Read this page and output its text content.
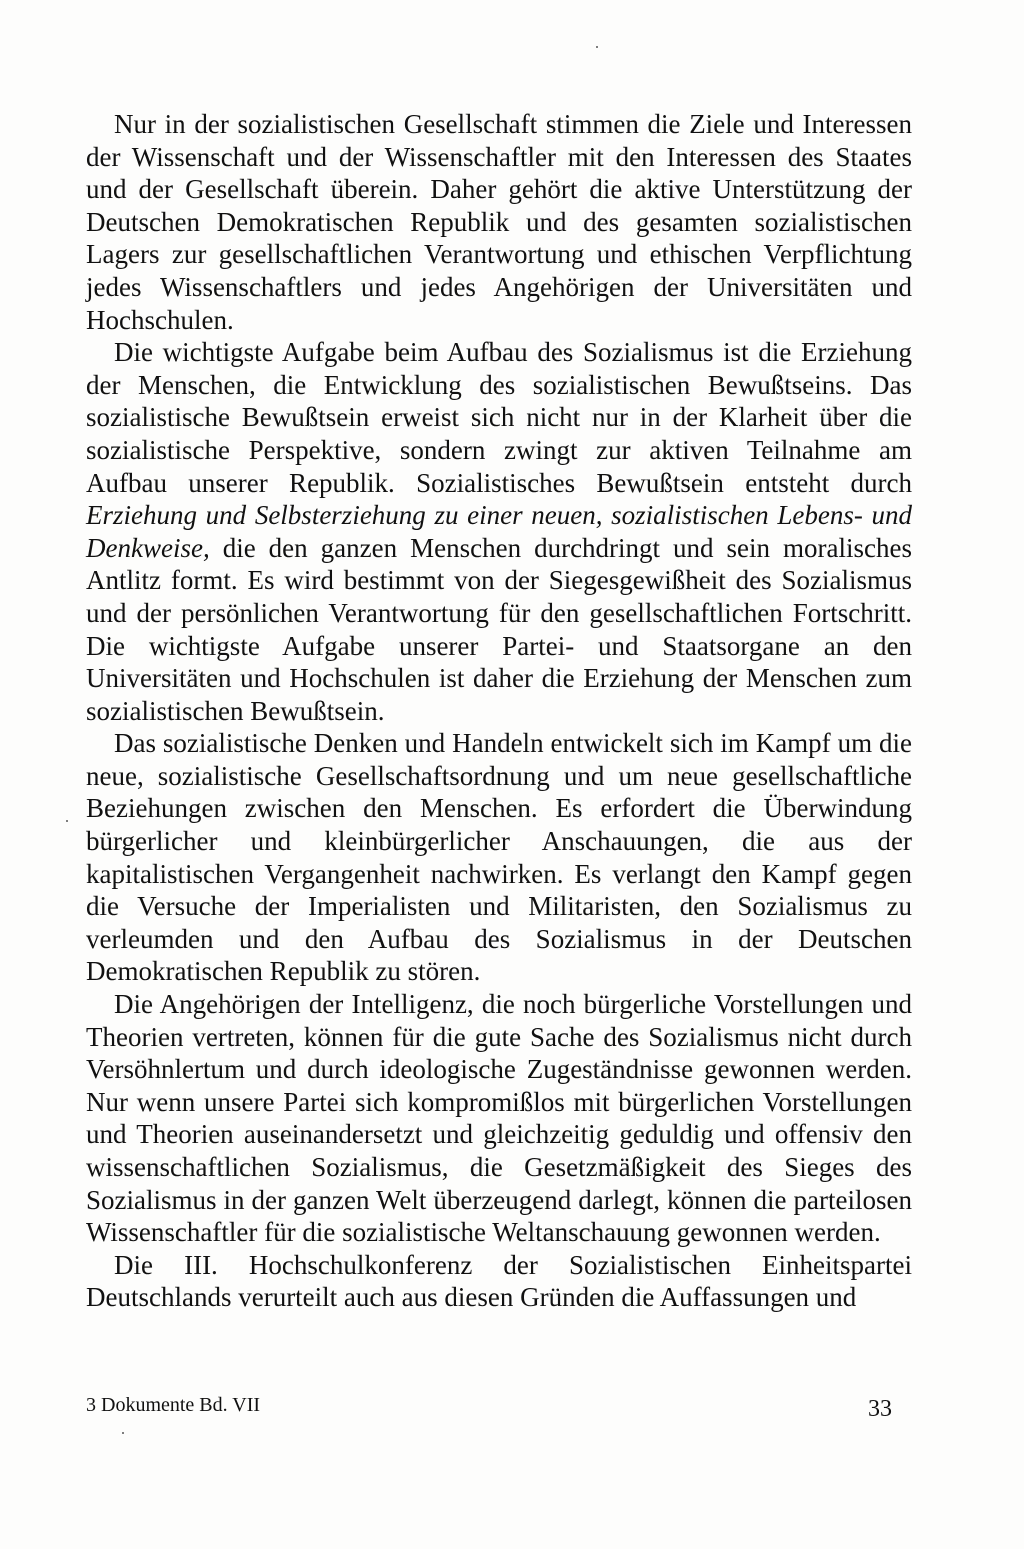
Nur in der sozialistischen Gesellschaft stimmen die Ziele und Interessen der Wissenschaft und der Wissenschaftler mit den Interessen des Staates und der Gesellschaft überein. Daher gehört die aktive Unterstützung der Deutschen Demokratischen Republik und des gesamten sozialistischen Lagers zur gesellschaftlichen Verantwortung und ethischen Verpflichtung jedes Wissenschaftlers und jedes Angehörigen der Universitäten und Hochschulen.

Die wichtigste Aufgabe beim Aufbau des Sozialismus ist die Erziehung der Menschen, die Entwicklung des sozialistischen Bewußtseins. Das sozialistische Bewußtsein erweist sich nicht nur in der Klarheit über die sozialistische Perspektive, sondern zwingt zur aktiven Teilnahme am Aufbau unserer Republik. Sozialistisches Bewußtsein entsteht durch Erziehung und Selbsterziehung zu einer neuen, sozialistischen Lebens- und Denkweise, die den ganzen Menschen durchdringt und sein moralisches Antlitz formt. Es wird bestimmt von der Siegesgewißheit des Sozialismus und der persönlichen Verantwortung für den gesellschaftlichen Fortschritt. Die wichtigste Aufgabe unserer Partei- und Staatsorgane an den Universitäten und Hochschulen ist daher die Erziehung der Menschen zum sozialistischen Bewußtsein.

Das sozialistische Denken und Handeln entwickelt sich im Kampf um die neue, sozialistische Gesellschaftsordnung und um neue gesellschaftliche Beziehungen zwischen den Menschen. Es erfordert die Überwindung bürgerlicher und kleinbürgerlicher Anschauungen, die aus der kapitalistischen Vergangenheit nachwirken. Es verlangt den Kampf gegen die Versuche der Imperialisten und Militaristen, den Sozialismus zu verleumden und den Aufbau des Sozialismus in der Deutschen Demokratischen Republik zu stören.

Die Angehörigen der Intelligenz, die noch bürgerliche Vorstellungen und Theorien vertreten, können für die gute Sache des Sozialismus nicht durch Versöhnlertum und durch ideologische Zugeständnisse gewonnen werden. Nur wenn unsere Partei sich kompromißlos mit bürgerlichen Vorstellungen und Theorien auseinandersetzt und gleichzeitig geduldig und offensiv den wissenschaftlichen Sozialismus, die Gesetzmäßigkeit des Sieges des Sozialismus in der ganzen Welt überzeugend darlegt, können die parteilosen Wissenschaftler für die sozialistische Weltanschauung gewonnen werden.

Die III. Hochschulkonferenz der Sozialistischen Einheitspartei Deutschlands verurteilt auch aus diesen Gründen die Auffassungen und

3 Dokumente Bd. VII	33
